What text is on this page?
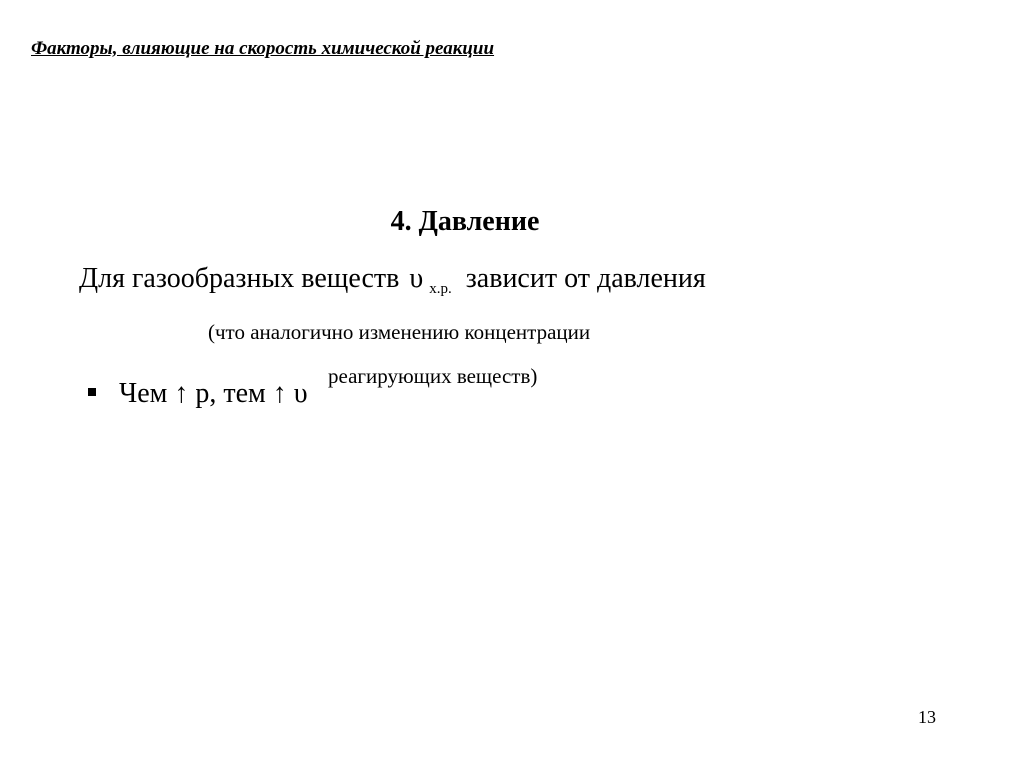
Факторы, влияющие на скорость химической реакции
4. Давление
Для газообразных веществ υ $_{х.р.}$ зависит от давления
(что аналогично изменению концентрации
Чем ↑ р, тем ↑ υ
реагирующих веществ)
13
